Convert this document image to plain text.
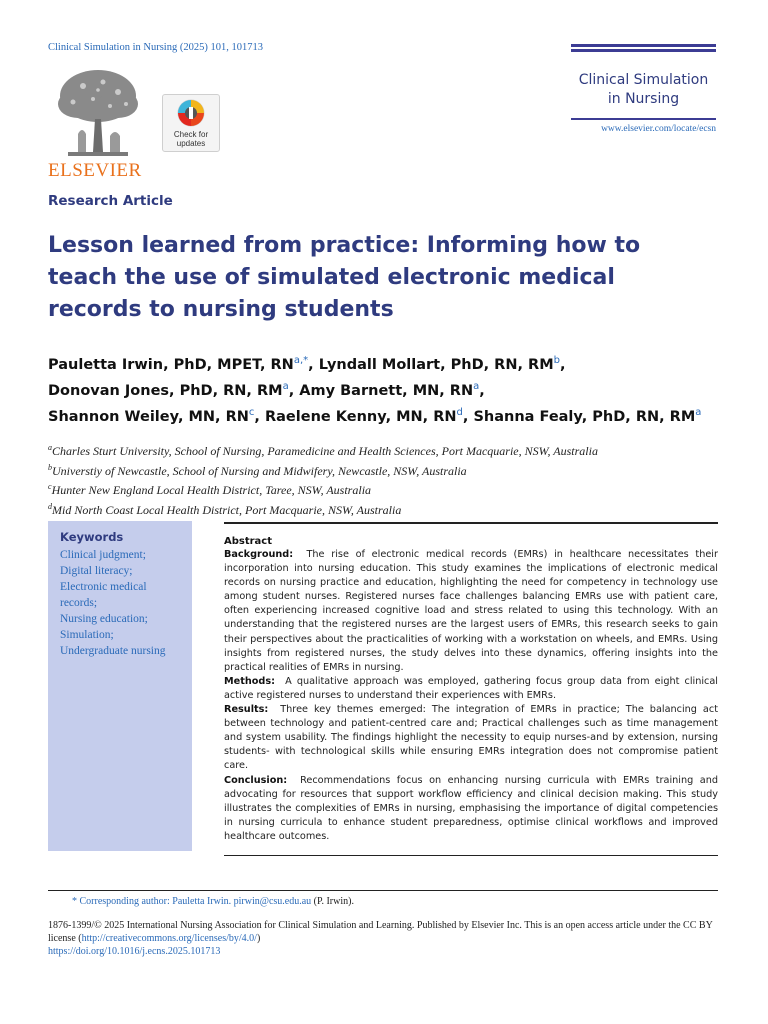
Clinical Simulation in Nursing (2025) 101, 101713
ELSEVIER
Check for updates
Clinical Simulation
in Nursing
www.elsevier.com/locate/ecsn
Research Article
Lesson learned from practice: Informing how to teach the use of simulated electronic medical records to nursing students
Pauletta Irwin, PhD, MPET, $RN^{a,*}$, Lyndall Mollart, PhD, RN, $RM^b$,
Donovan Jones, PhD, RN, $RM^a$, Amy Barnett, MN, $RN^a$,
Shannon Weiley, MN, $RN^c$, Raelene Kenny, MN, $RN^d$, Shanna Fealy, PhD, RN, $RM^a$
$^a$Charles Sturt University, School of Nursing, Paramedicine and Health Sciences, Port Macquarie, NSW, Australia
$^b$Universtiy of Newcastle, School of Nursing and Midwifery, Newcastle, NSW, Australia
$^c$Hunter New England Local Health District, Taree, NSW, Australia
$^d$Mid North Coast Local Health District, Port Macquarie, NSW, Australia
Keywords
Clinical judgment;
Digital literacy;
Electronic medical records;
Nursing education;
Simulation;
Undergraduate nursing
Abstract

Background: The rise of electronic medical records (EMRs) in healthcare necessitates their incorporation into nursing education. This study examines the implications of electronic medical records on nursing practice and education, highlighting the need for competency in technology use among student nurses. Registered nurses face challenges balancing EMRs use with patient care, often experiencing increased cognitive load and stress related to using this technology. With an understanding that the registered nurses are the largest users of EMRs, this research seeks to gain their perspectives about the practicalities of working with a workstation on wheels, and EMRs. Using insights from registered nurses, the study delves into these dynamics, offering insights into the practical realities of EMRs in nursing.

Methods: A qualitative approach was employed, gathering focus group data from eight clinical active registered nurses to understand their experiences with EMRs.

Results: Three key themes emerged: The integration of EMRs in practice; The balancing act between technology and patient-centred care and; Practical challenges such as time management and system usability. The findings highlight the necessity to equip nurses-and by extension, nursing students- with technological skills while ensuring EMRs integration does not compromise patient care.

Conclusion: Recommendations focus on enhancing nursing curricula with EMRs training and advocating for resources that support workflow efficiency and clinical decision making. This study illustrates the complexities of EMRs in nursing, emphasising the importance of digital competencies in nursing curricula to enhance student preparedness, optimise clinical workflows and improved healthcare outcomes.

* Corresponding author: Pauletta Irwin. pirwin@csu.edu.au (P. Irwin).
1876-1399/© 2025 International Nursing Association for Clinical Simulation and Learning. Published by Elsevier Inc. This is an open access article under the CC BY license (http://creativecommons.org/licenses/by/4.0/)
https://doi.org/10.1016/j.ecns.2025.101713
